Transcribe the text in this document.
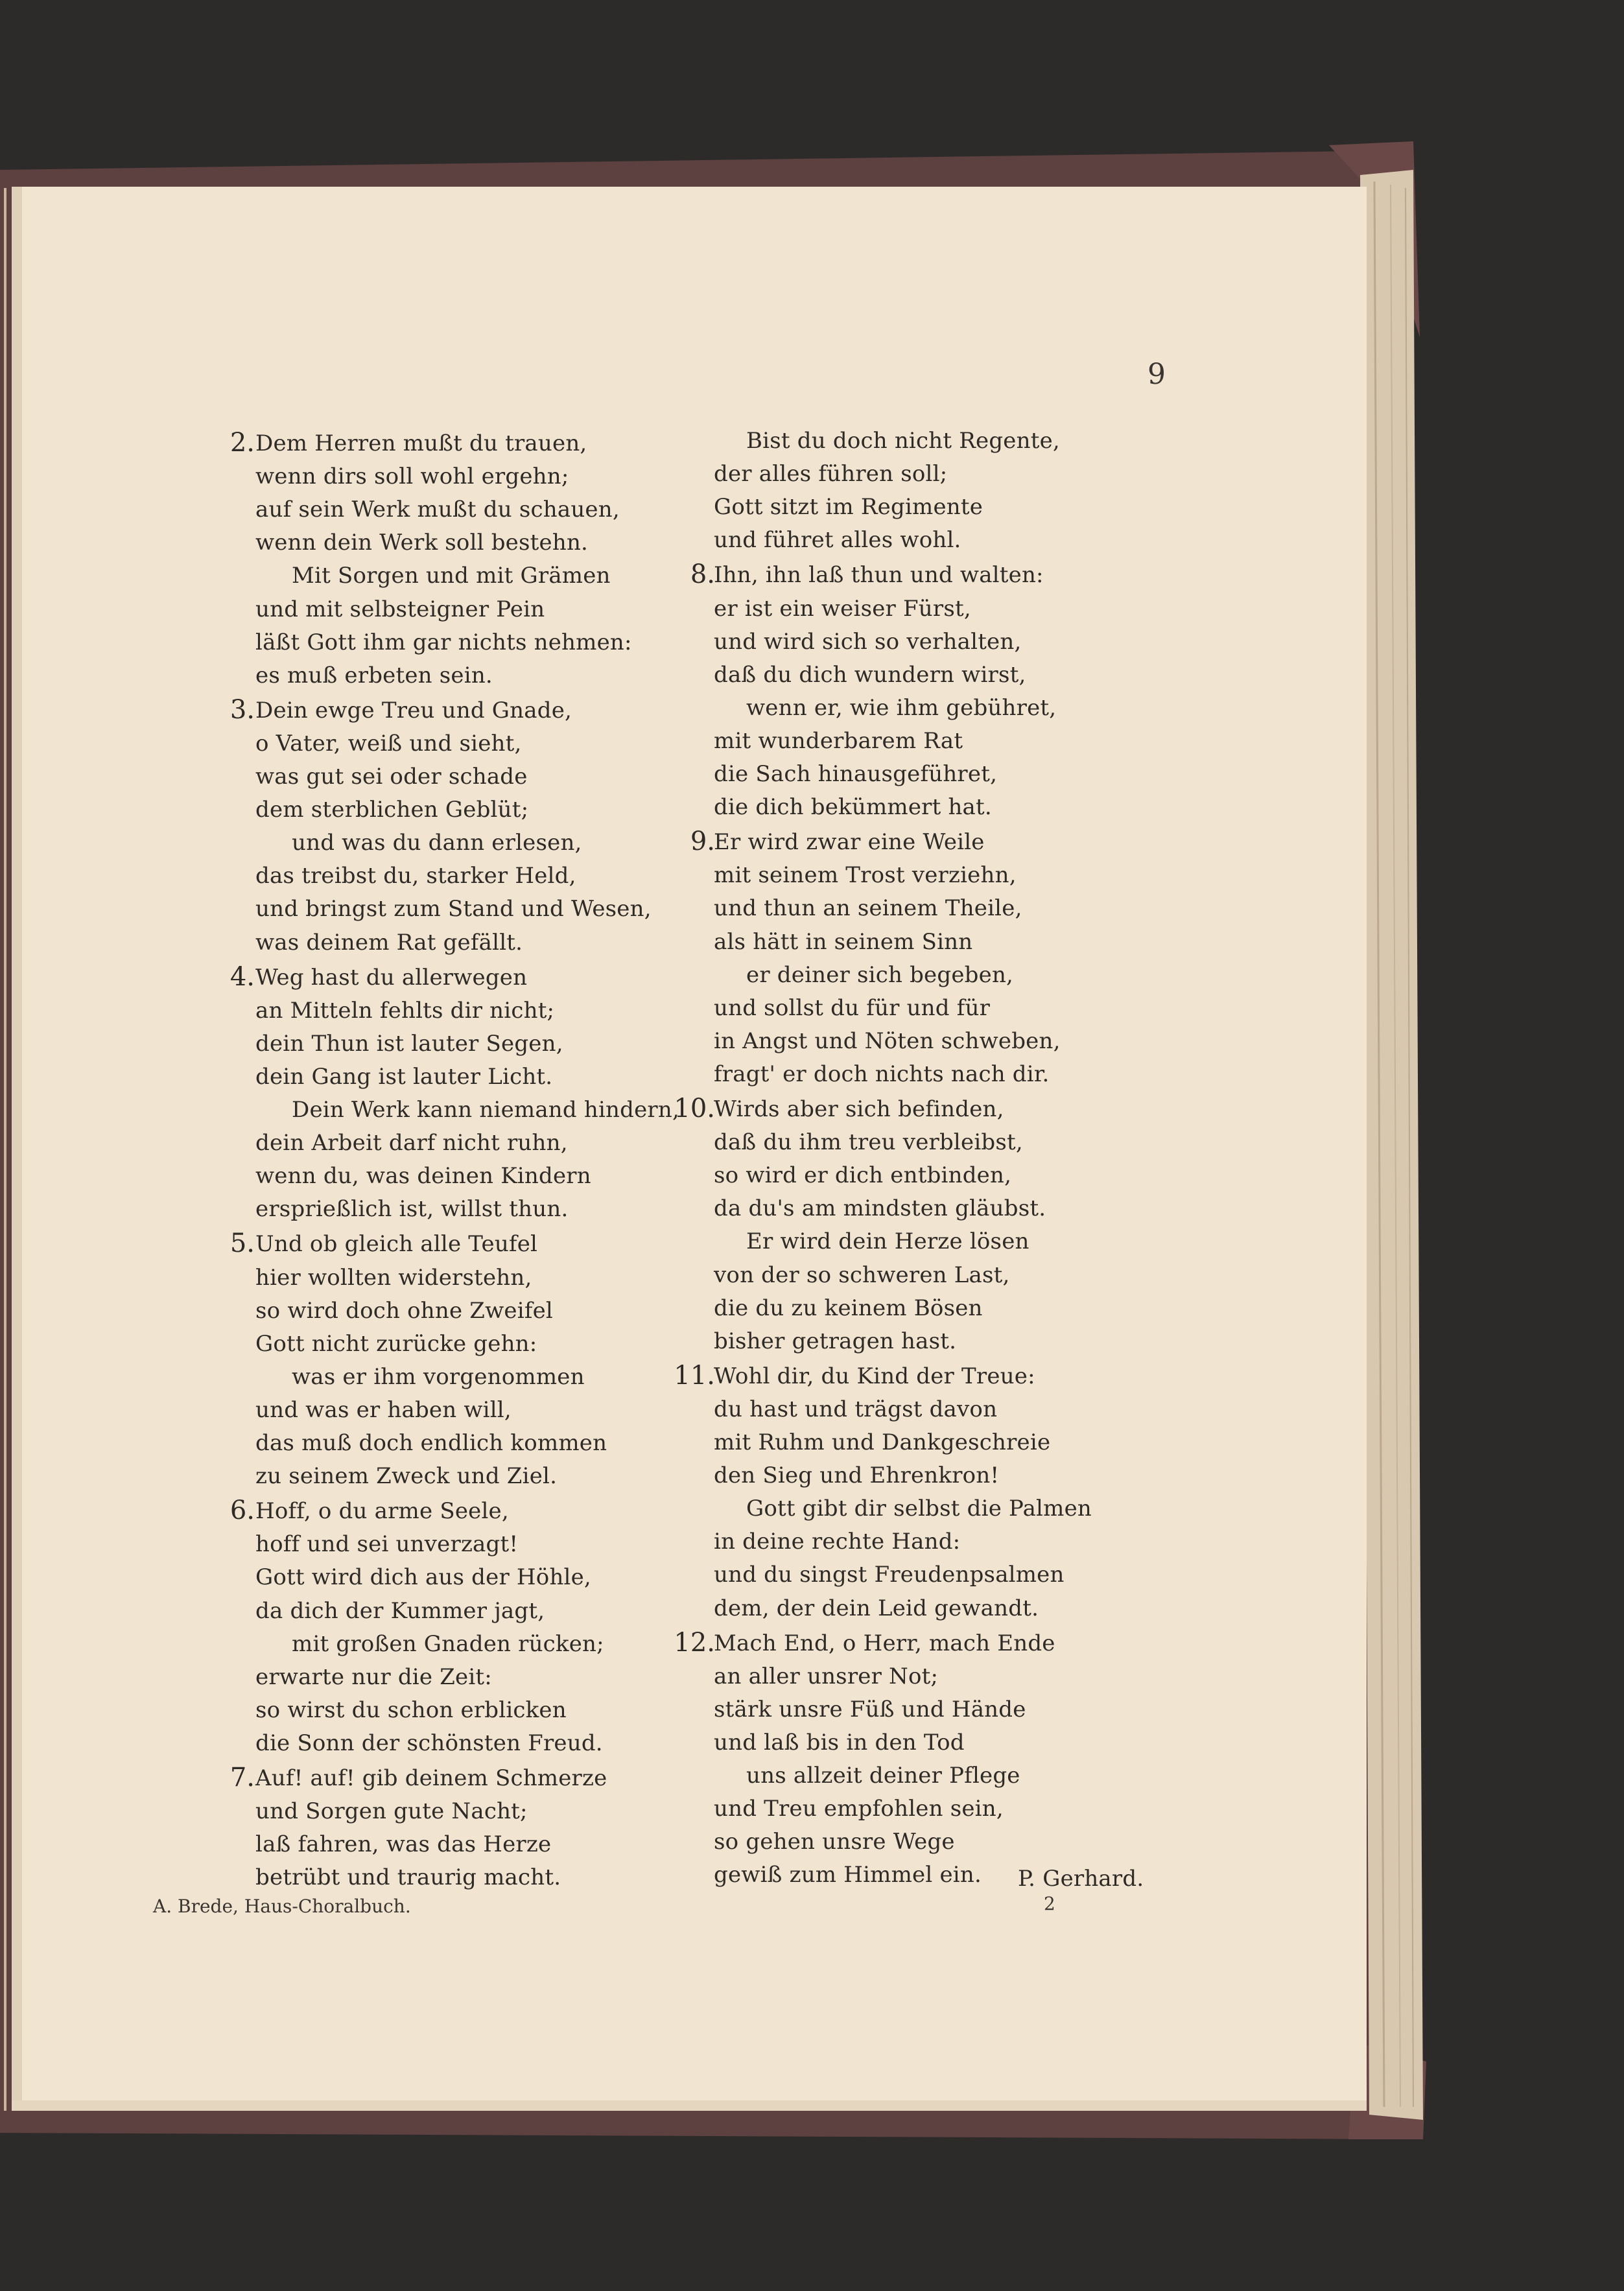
9
2. Dem Herren mußt du trauen,
wenn dirs soll wohl ergehn;
auf sein Werk mußt du schauen,
wenn dein Werk soll bestehn.
Mit Sorgen und mit Grämen
und mit selbsteigner Pein
läßt Gott ihm gar nichts nehmen:
es muß erbeten sein.
3. Dein ewge Treu und Gnade,
o Vater, weiß und sieht,
was gut sei oder schade
dem sterblichen Geblüt;
und was du dann erlesen,
das treibst du, starker Held,
und bringst zum Stand und Wesen,
was deinem Rat gefällt.
4. Weg hast du allerwegen
an Mitteln fehlts dir nicht;
dein Thun ist lauter Segen,
dein Gang ist lauter Licht.
Dein Werk kann niemand hindern,
dein Arbeit darf nicht ruhn,
wenn du, was deinen Kindern
ersprießlich ist, willst thun.
5. Und ob gleich alle Teufel
hier wollten widerstehn,
so wird doch ohne Zweifel
Gott nicht zurücke gehn:
was er ihm vorgenommen
und was er haben will,
das muß doch endlich kommen
zu seinem Zweck und Ziel.
6. Hoff, o du arme Seele,
hoff und sei unverzagt!
Gott wird dich aus der Höhle,
da dich der Kummer jagt,
mit großen Gnaden rücken;
erwarte nur die Zeit:
so wirst du schon erblicken
die Sonn der schönsten Freud.
7. Auf! auf! gib deinem Schmerze
und Sorgen gute Nacht;
laß fahren, was das Herze
betrübt und traurig macht.
Bist du doch nicht Regente,
der alles führen soll;
Gott sitzt im Regimente
und führet alles wohl.
8.
Ihn, ihn laß thun und walten:
er ist ein weiser Fürst,
und wird sich so verhalten,
daß du dich wundern wirst,
wenn er, wie ihm gebühret,
mit wunderbarem Rat
die Sach hinausgeführet,
die dich bekümmert hat.
9.
Er wird zwar eine Weile
mit seinem Trost verziehn,
und thun an seinem Theile,
als hätt in seinem Sinn
er deiner sich begeben,
und sollst du für und für
in Angst und Nöten schweben,
fragt' er doch nichts nach dir.
10.
Wirds aber sich befinden,
daß du ihm treu verbleibst,
so wird er dich entbinden,
da du's am mindsten gläubst.
Er wird dein Herze lösen
von der so schweren Last,
die du zu keinem Bösen
bisher getragen hast.
11.
Wohl dir, du Kind der Treue:
du hast und trägst davon
mit Ruhm und Dankgeschreie
den Sieg und Ehrenkron!
Gott gibt dir selbst die Palmen
in deine rechte Hand:
und du singst Freudenpsalmen
dem, der dein Leid gewandt.
12.
Mach End, o Herr, mach Ende
an aller unsrer Not;
stärk unsre Füß und Hände
und laß bis in den Tod
uns allzeit deiner Pflege
und Treu empfohlen sein,
so gehen unsre Wege
gewiß zum Himmel ein. P. Gerhard.
A. Brede, Haus-Choralbuch.	2
